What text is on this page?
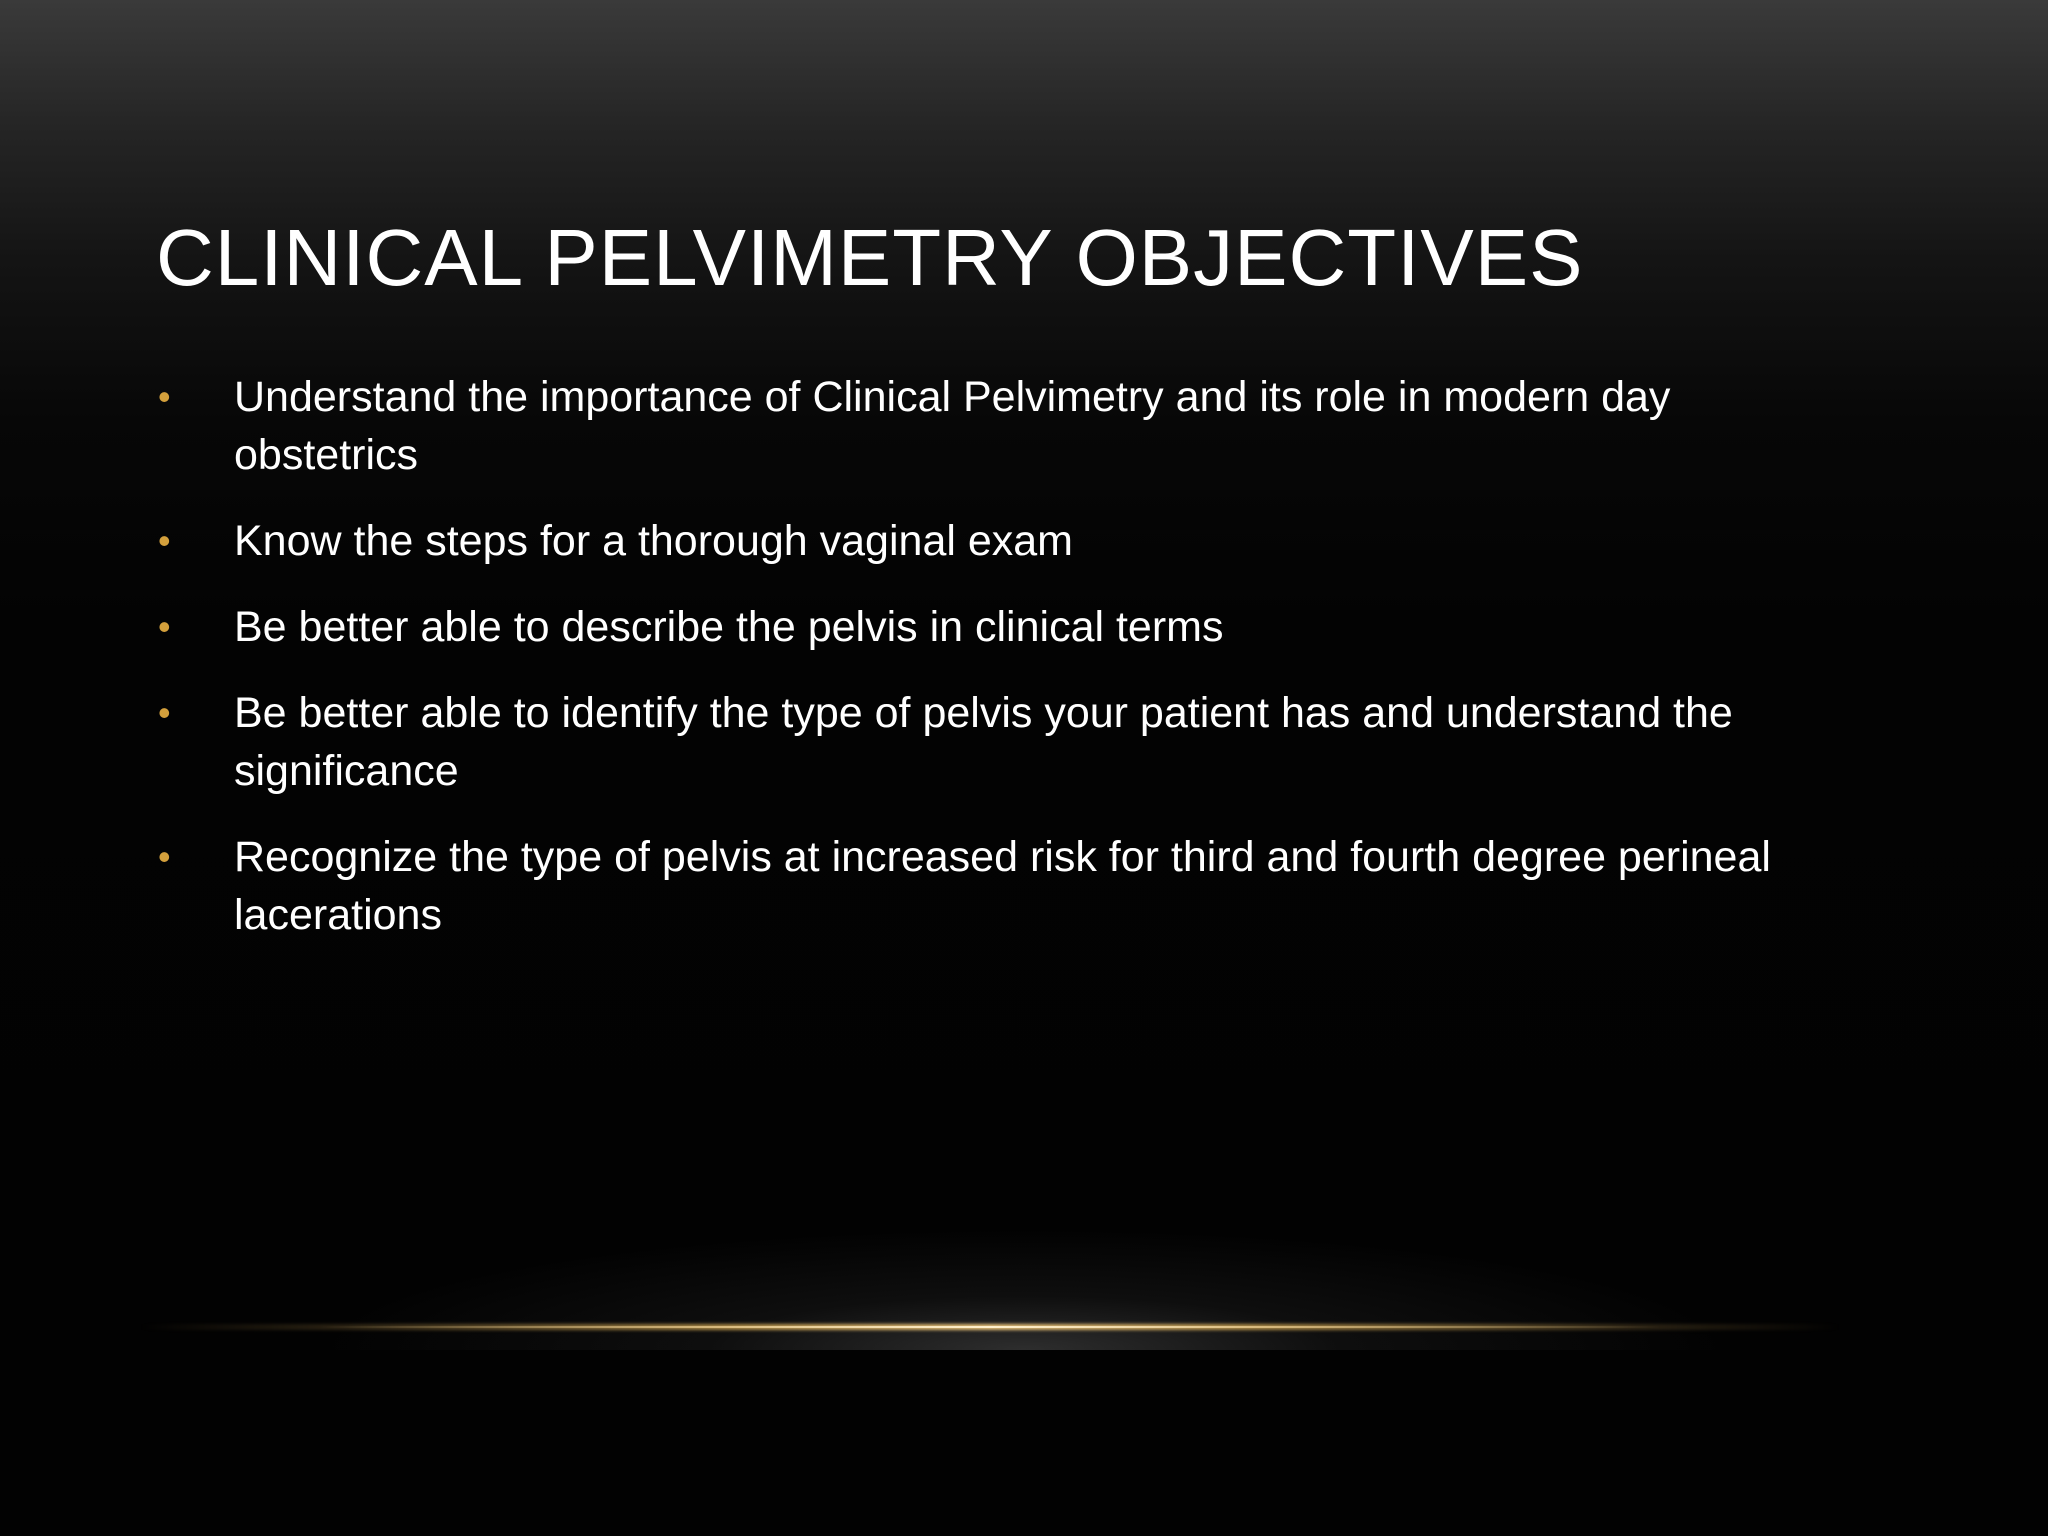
CLINICAL PELVIMETRY OBJECTIVES
• Understand the importance of Clinical Pelvimetry and its role in modern day obstetrics
• Know the steps for a thorough vaginal exam
• Be better able to describe the pelvis in clinical terms
• Be better able to identify the type of pelvis your patient has and understand the significance
• Recognize the type of pelvis at increased risk for third and fourth degree perineal lacerations
